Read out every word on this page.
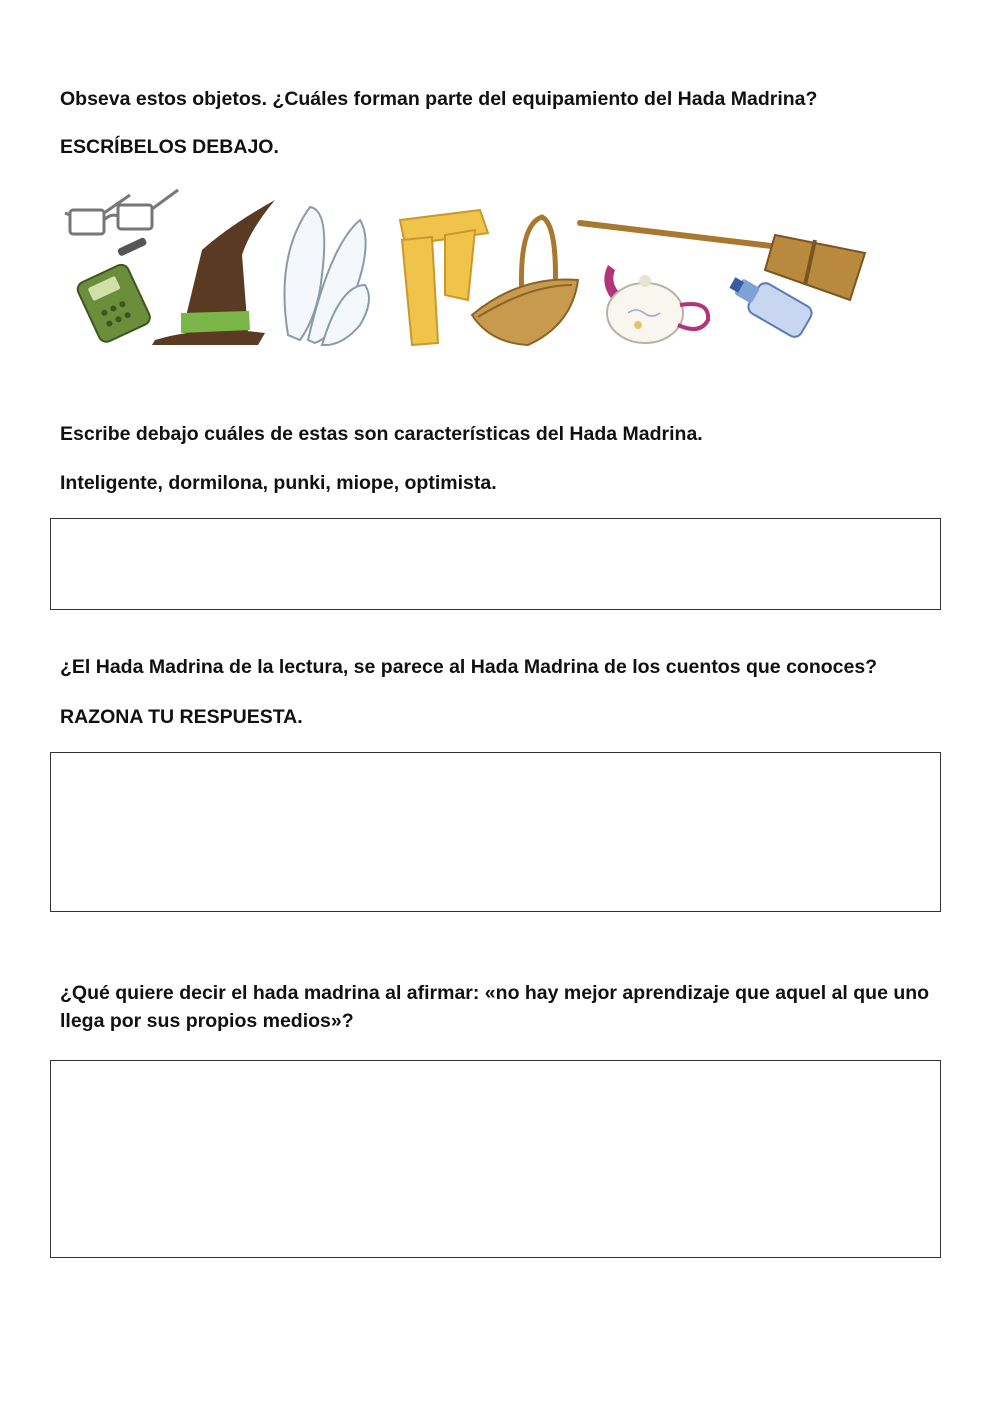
Obseva estos objetos. ¿Cuáles forman parte del equipamiento del Hada Madrina?

ESCRÍBELOS DEBAJO.

Escribe debajo cuáles de estas son características del Hada Madrina.

Inteligente, dormilona, punki, miope, optimista.

¿El Hada Madrina de la lectura, se parece al Hada Madrina de los cuentos que conoces?

RAZONA TU RESPUESTA.

¿Qué quiere decir el hada madrina al afirmar: «no hay mejor aprendizaje que aquel al que uno llega por sus propios medios»?
